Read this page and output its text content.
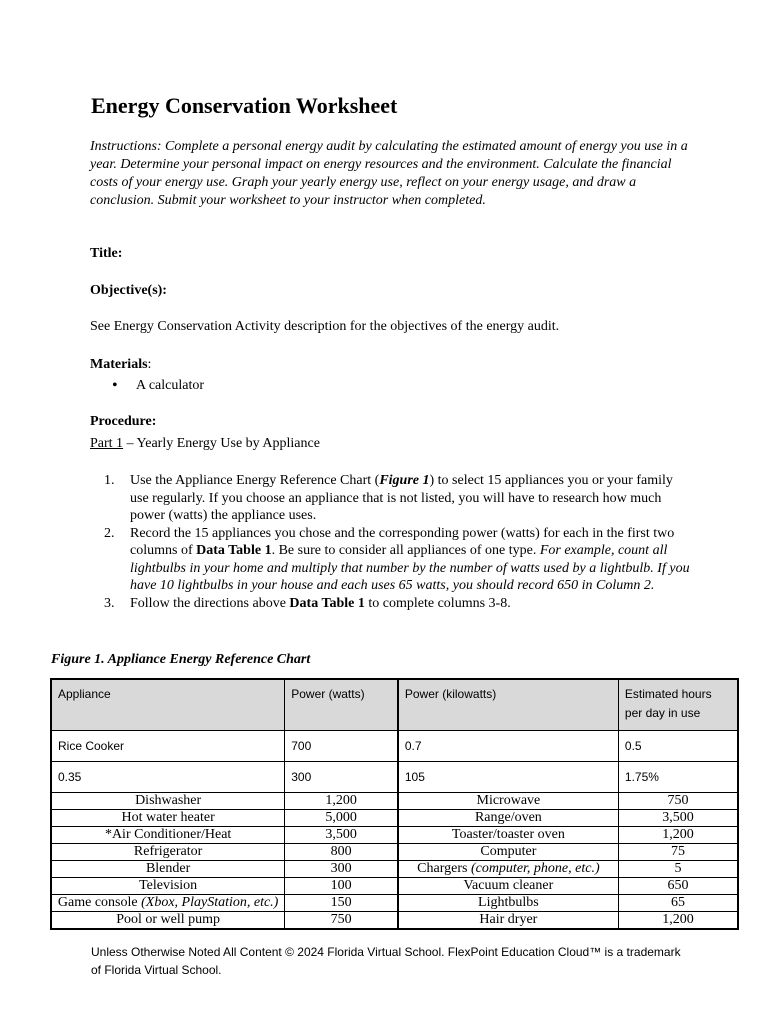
Energy Conservation Worksheet

Instructions: Complete a personal energy audit by calculating the estimated amount of energy you use in a year. Determine your personal impact on energy resources and the environment. Calculate the financial costs of your energy use. Graph your yearly energy use, reflect on your energy usage, and draw a conclusion. Submit your worksheet to your instructor when completed.

Title:
Objective(s):
See Energy Conservation Activity description for the objectives of the energy audit.
Materials:
• A calculator
Procedure:
Part 1 – Yearly Energy Use by Appliance
1. Use the Appliance Energy Reference Chart (Figure 1) to select 15 appliances you or your family use regularly. If you choose an appliance that is not listed, you will have to research how much power (watts) the appliance uses.
2. Record the 15 appliances you chose and the corresponding power (watts) for each in the first two columns of Data Table 1. Be sure to consider all appliances of one type. For example, count all lightbulbs in your home and multiply that number by the number of watts used by a lightbulb. If you have 10 lightbulbs in your house and each uses 65 watts, you should record 650 in Column 2.
3. Follow the directions above Data Table 1 to complete columns 3-8.
Figure 1. Appliance Energy Reference Chart
Appliance	Power (watts)	Power (kilowatts)	Estimated hours per day in use
Rice Cooker	700	0.7	0.5
0.35	300	105	1.75%
Dishwasher	1,200	Microwave	750
Hot water heater	5,000	Range/oven	3,500
*Air Conditioner/Heat	3,500	Toaster/toaster oven	1,200
Refrigerator	800	Computer	75
Blender	300	Chargers (computer, phone, etc.)	5
Television	100	Vacuum cleaner	650
Game console (Xbox, PlayStation, etc.)	150	Lightbulbs	65
Pool or well pump	750	Hair dryer	1,200
Unless Otherwise Noted All Content © 2024 Florida Virtual School. FlexPoint Education Cloud™ is a trademark of Florida Virtual School.
